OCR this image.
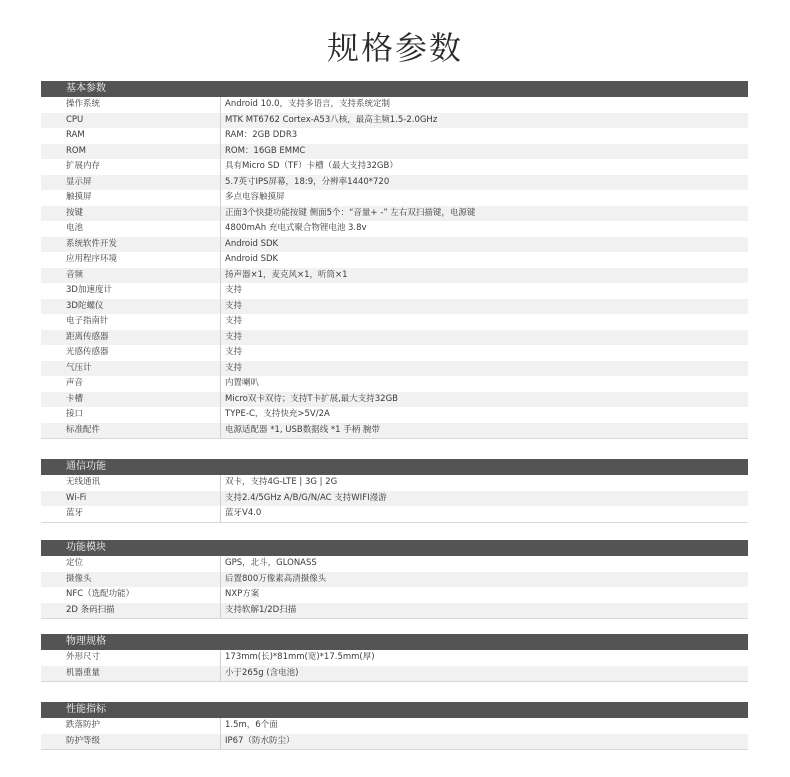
规格参数
基本参数
操作系统	Android 10.0，支持多语言，支持系统定制
CPU	MTK MT6762 Cortex-A53八核，最高主频1.5-2.0GHz
RAM	RAM：2GB DDR3
ROM	ROM：16GB EMMC
扩展内存	具有Micro SD（TF）卡槽（最大支持32GB）
显示屏	5.7英寸IPS屏幕，18:9，分辨率1440*720
触摸屏	多点电容触摸屏
按键	正面3个快捷功能按键 侧面5个：“音量+ -” 左右双扫描键，电源键
电池	4800mAh 充电式聚合物锂电池 3.8v
系统软件开发	Android SDK
应用程序环境	Android SDK
音频	扬声器×1，麦克风×1，听筒×1
3D加速度计	支持
3D陀螺仪	支持
电子指南针	支持
距离传感器	支持
光感传感器	支持
气压计	支持
声音	内置喇叭
卡槽	Micro双卡双待；支持T卡扩展,最大支持32GB
接口	TYPE-C，支持快充>5V/2A
标准配件	电源适配器 *1, USB数据线 *1 手柄 腕带
通信功能
无线通讯	双卡，支持4G-LTE | 3G | 2G
Wi-Fi	支持2.4/5GHz A/B/G/N/AC 支持WIFI漫游
蓝牙	蓝牙V4.0
功能模块
定位	GPS，北斗，GLONASS
摄像头	后置800万像素高清摄像头
NFC（选配功能）	NXP方案
2D 条码扫描	支持软解1/2D扫描
物理规格
外形尺寸	173mm(长)*81mm(宽)*17.5mm(厚)
机器重量	小于265g (含电池)
性能指标
跌落防护	1.5m，6个面
防护等级	IP67（防水防尘）
